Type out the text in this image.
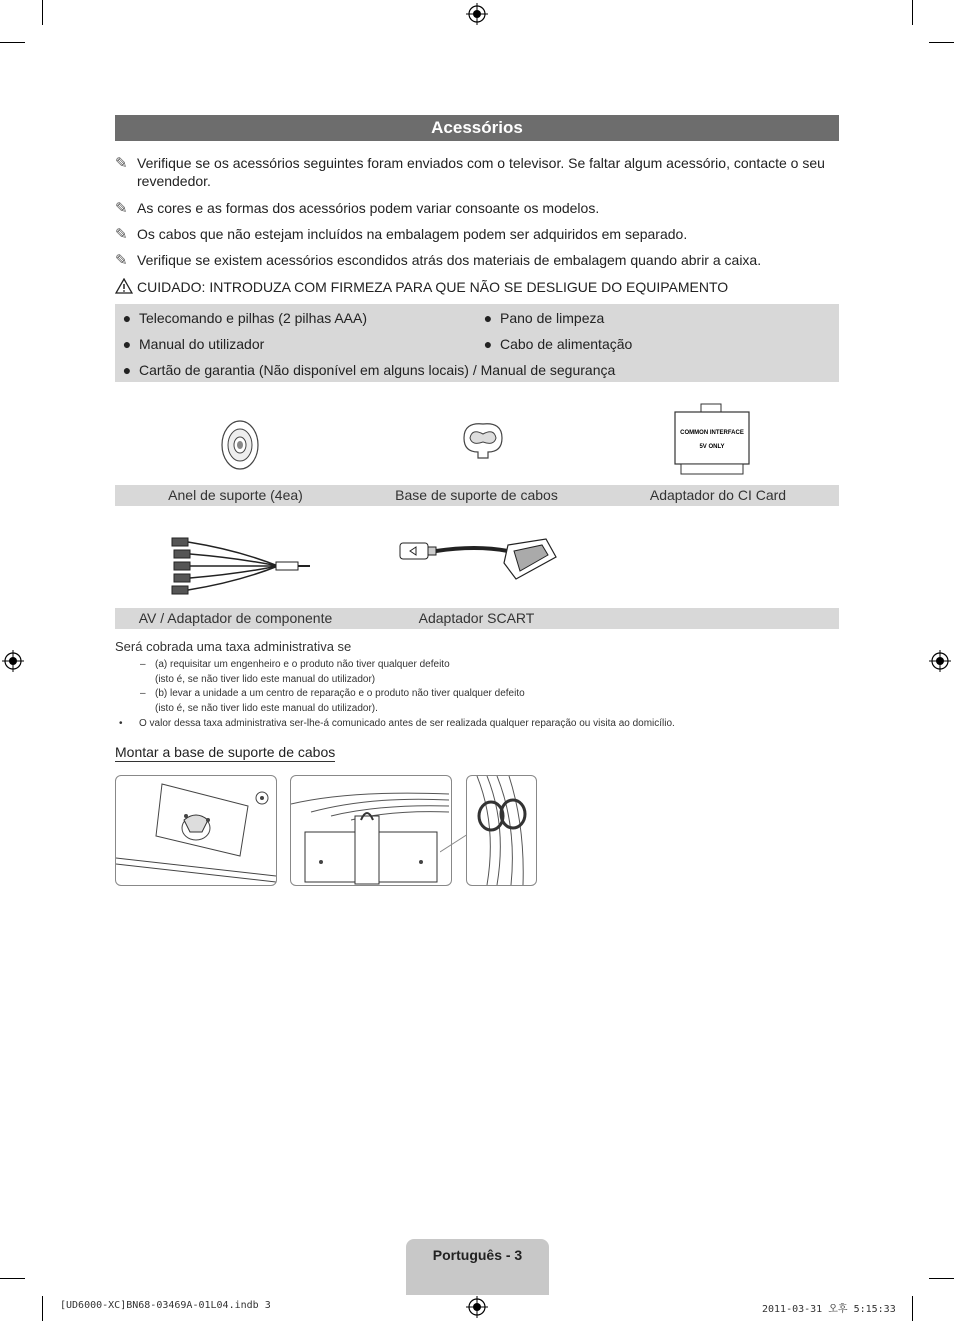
Acessórios
✎ Verifique se os acessórios seguintes foram enviados com o televisor. Se faltar algum acessório, contacte o seu revendedor.
✎ As cores e as formas dos acessórios podem variar consoante os modelos.
✎ Os cabos que não estejam incluídos na embalagem podem ser adquiridos em separado.
✎ Verifique se existem acessórios escondidos atrás dos materiais de embalagem quando abrir a caixa.
CUIDADO: INTRODUZA COM FIRMEZA PARA QUE NÃO SE DESLIGUE DO EQUIPAMENTO
● Telecomando e pilhas (2 pilhas AAA)	● Pano de limpeza
● Manual do utilizador	● Cabo de alimentação
● Cartão de garantia (Não disponível em alguns locais) / Manual de segurança
COMMON INTERFACE
5V ONLY
Anel de suporte (4ea)	Base de suporte de cabos	Adaptador do CI Card
AV / Adaptador de componente	Adaptador SCART
Será cobrada uma taxa administrativa se
– (a) requisitar um engenheiro e o produto não tiver qualquer defeito
(isto é, se não tiver lido este manual do utilizador)
– (b) levar a unidade a um centro de reparação e o produto não tiver qualquer defeito
(isto é, se não tiver lido este manual do utilizador).
• O valor dessa taxa administrativa ser-lhe-á comunicado antes de ser realizada qualquer reparação ou visita ao domicílio.
Montar a base de suporte de cabos
Português - 3
[UD6000-XC]BN68-03469A-01L04.indb 3	2011-03-31 오후 5:15:33
